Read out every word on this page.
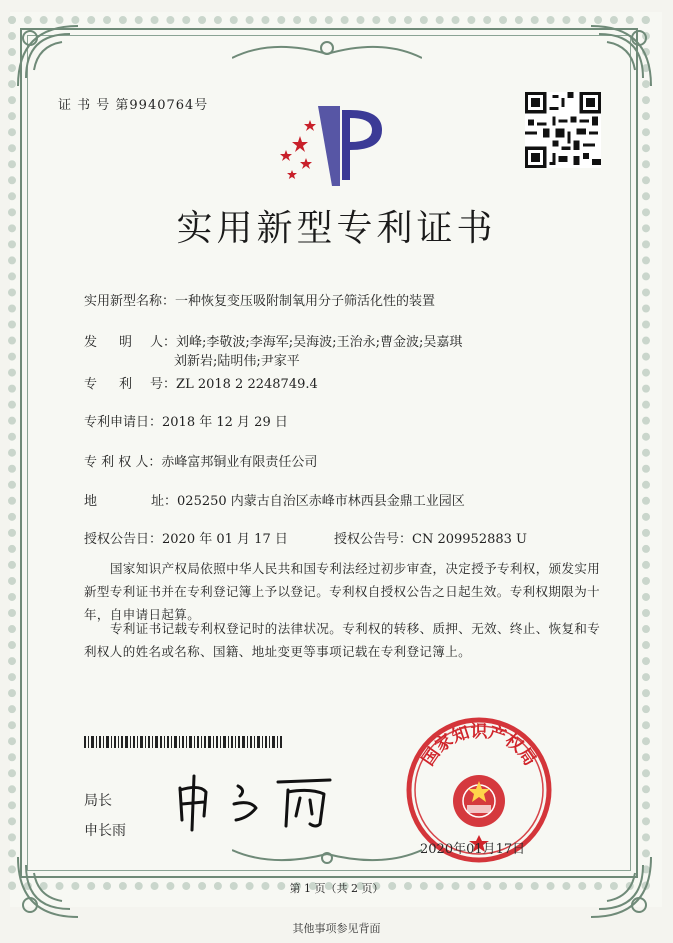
证 书 号 第9940764号
实用新型专利证书
实用新型名称：一种恢复变压吸附制氧用分子筛活化性的装置
发 明 人：刘峰;李敬波;李海军;吴海波;王治永;曹金波;吴嘉琪
刘新岩;陆明伟;尹家平
专 利 号：ZL 2018 2 2248749.4
专利申请日：2018 年 12 月 29 日
专 利 权 人：赤峰富邦铜业有限责任公司
地	址：025250 内蒙古自治区赤峰市林西县金鼎工业园区
授权公告日：2020 年 01 月 17 日	授权公告号：CN 209952883 U
国家知识产权局依照中华人民共和国专利法经过初步审查，决定授予专利权，颁发实用新型专利证书并在专利登记簿上予以登记。专利权自授权公告之日起生效。专利权期限为十年，自申请日起算。
专利证书记载专利权登记时的法律状况。专利权的转移、质押、无效、终止、恢复和专利权人的姓名或名称、国籍、地址变更等事项记载在专利登记簿上。
局长
申长雨
国家知识产权局
2020年01月17日
第 1 页（共 2 页）
其他事项参见背面
